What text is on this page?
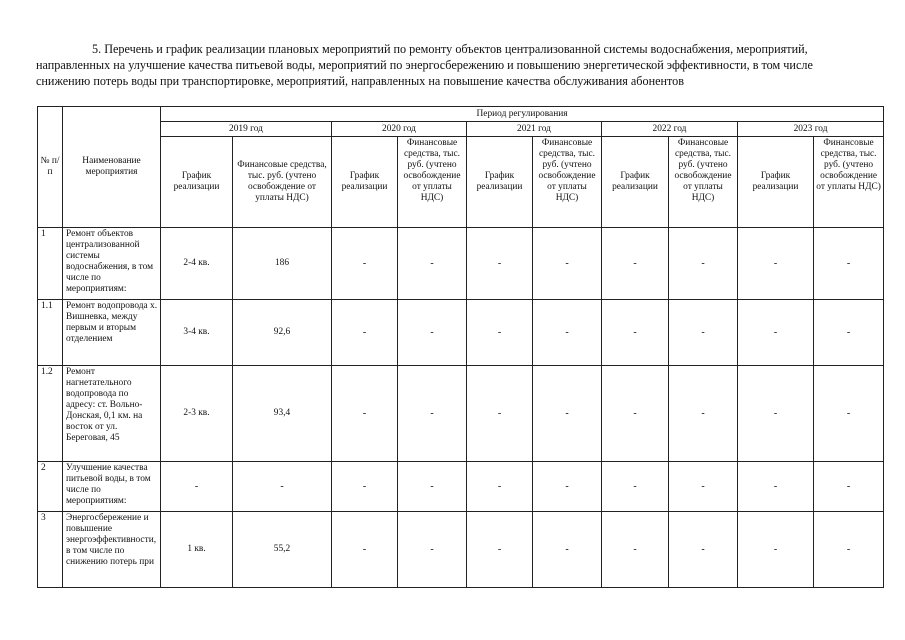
5. Перечень и график реализации плановых мероприятий по ремонту объектов централизованной системы водоснабжения, мероприятий, направленных на улучшение качества питьевой воды, мероприятий по энергосбережению и повышению энергетической эффективности, в том числе снижению потерь воды при транспортировке, мероприятий, направленных на повышение качества обслуживания абонентов
№ п/ п	Наименование мероприятия	Период регулирования									
		2019 год		2020 год		2021 год		2022 год		2023 год	
		График реализации	Финансовые средства, тыс. руб. (учтено освобождение от уплаты НДС)	График реализации	Финансовые средства, тыс. руб. (учтено освобождение от уплаты НДС)	График реализации	Финансовые средства, тыс. руб. (учтено освобождение от уплаты НДС)	График реализации	Финансовые средства, тыс. руб. (учтено освобождение от уплаты НДС)	График реализации	Финансовые средства, тыс. руб. (учтено освобождение от уплаты НДС)
1	Ремонт объектов централизованной системы водоснабжения, в том числе по мероприятиям:	2-4 кв.	186	-	-	-	-	-	-	-	-
1.1	Ремонт водопровода х. Вишневка, между первым и вторым отделением	3-4 кв.	92,6	-	-	-	-	-	-	-	-
1.2	Ремонт нагнетательного водопровода по адресу: ст. Вольно-Донская, 0,1 км. на восток от ул. Береговая, 45	2-3 кв.	93,4	-	-	-	-	-	-	-	-
2	Улучшение качества питьевой воды, в том числе по мероприятиям:	-	-	-	-	-	-	-	-	-	-
3	Энергосбережение и повышение энергоэффективности, в том числе по снижению потерь при	1 кв.	55,2	-	-	-	-	-	-	-	-
